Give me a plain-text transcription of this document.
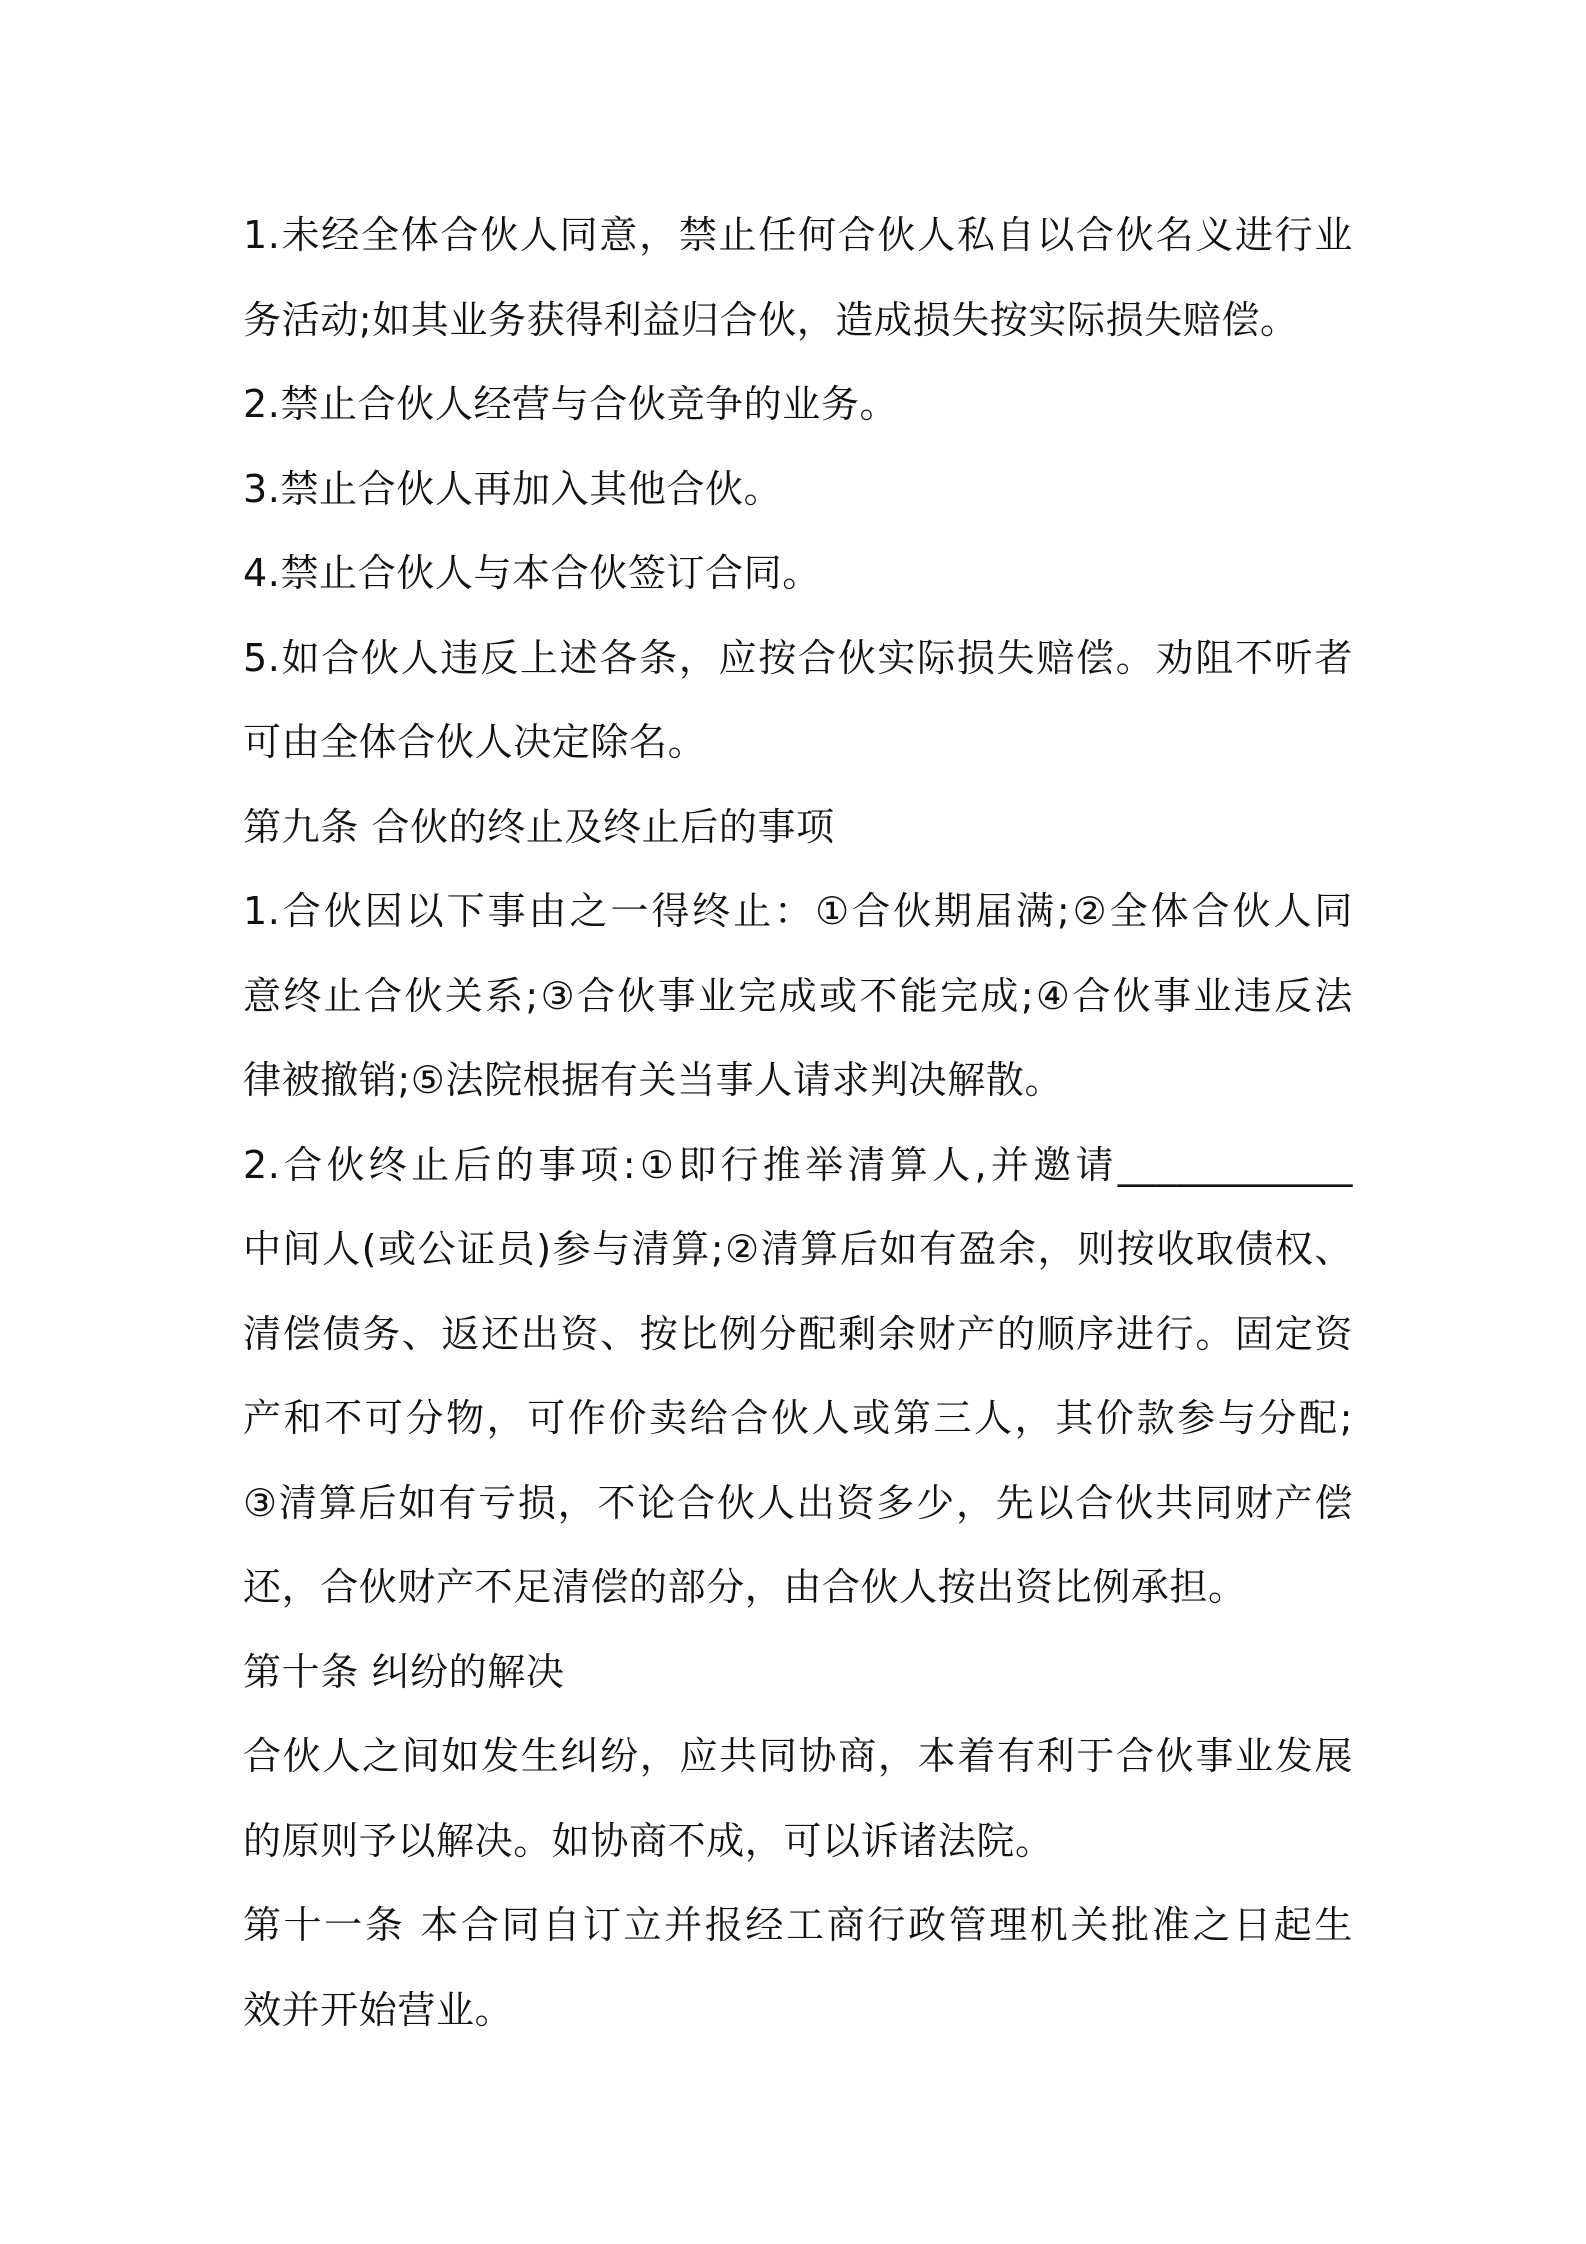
1.未经全体合伙人同意，禁止任何合伙人私自以合伙名义进行业
务活动;如其业务获得利益归合伙，造成损失按实际损失赔偿。
2.禁止合伙人经营与合伙竞争的业务。
3.禁止合伙人再加入其他合伙。
4.禁止合伙人与本合伙签订合同。
5.如合伙人违反上述各条，应按合伙实际损失赔偿。劝阻不听者
可由全体合伙人决定除名。
第九条 合伙的终止及终止后的事项
1.合伙因以下事由之一得终止：①合伙期届满;②全体合伙人同
意终止合伙关系;③合伙事业完成或不能完成;④合伙事业违反法
律被撤销;⑤法院根据有关当事人请求判决解散。
2.合伙终止后的事项:①即行推举清算人,并邀请____________
中间人(或公证员)参与清算;②清算后如有盈余，则按收取债权、
清偿债务、返还出资、按比例分配剩余财产的顺序进行。固定资
产和不可分物，可作价卖给合伙人或第三人，其价款参与分配;
③清算后如有亏损，不论合伙人出资多少，先以合伙共同财产偿
还，合伙财产不足清偿的部分，由合伙人按出资比例承担。
第十条 纠纷的解决
合伙人之间如发生纠纷，应共同协商，本着有利于合伙事业发展
的原则予以解决。如协商不成，可以诉诸法院。
第十一条 本合同自订立并报经工商行政管理机关批准之日起生
效并开始营业。
